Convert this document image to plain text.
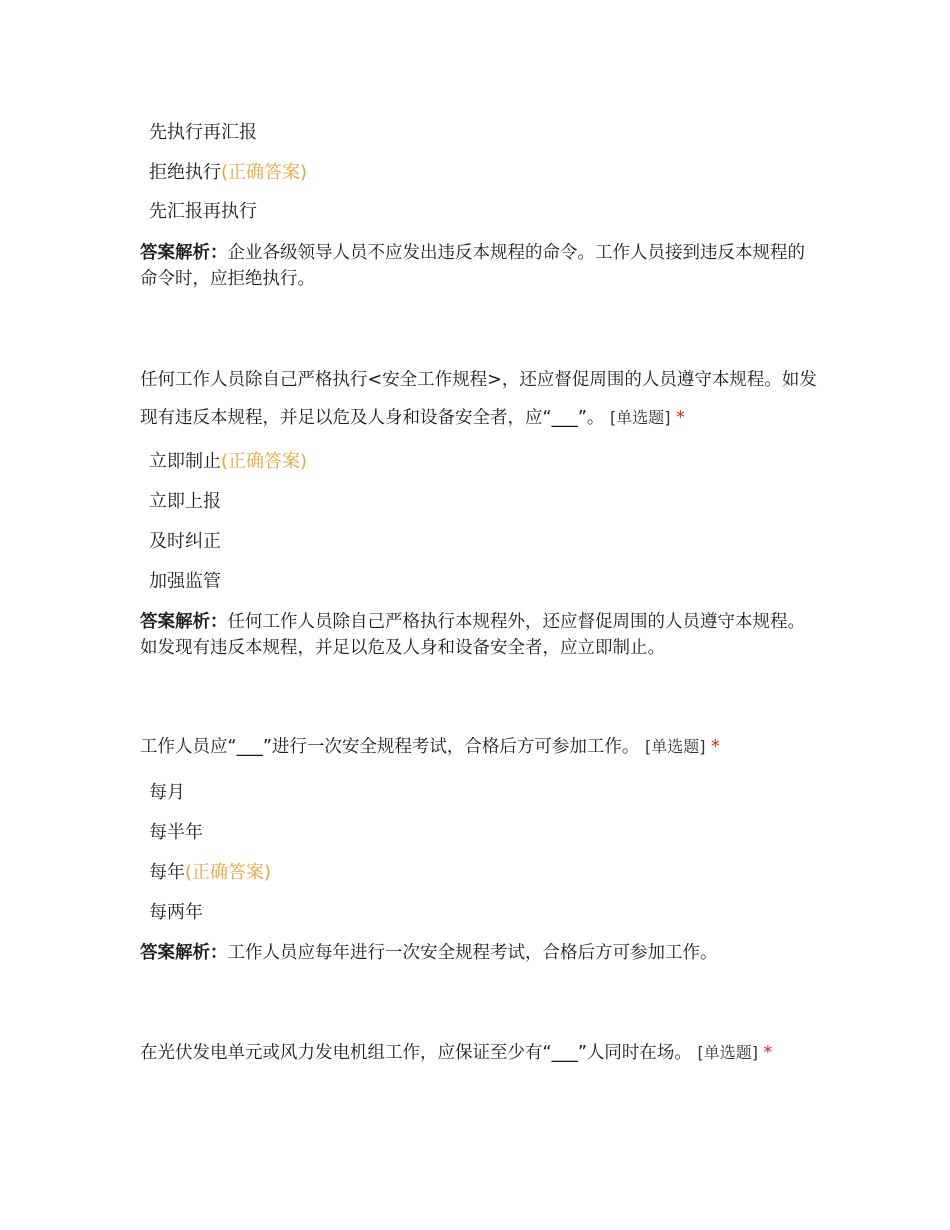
先执行再汇报
拒绝执行(正确答案)
先汇报再执行
答案解析：企业各级领导人员不应发出违反本规程的命令。工作人员接到违反本规程的命令时，应拒绝执行。
任何工作人员除自己严格执行<安全工作规程>，还应督促周围的人员遵守本规程。如发现有违反本规程，并足以危及人身和设备安全者，应“___”。 [单选题] *
立即制止(正确答案)
立即上报
及时纠正
加强监管
答案解析：任何工作人员除自己严格执行本规程外，还应督促周围的人员遵守本规程。如发现有违反本规程，并足以危及人身和设备安全者，应立即制止。
工作人员应“___”进行一次安全规程考试，合格后方可参加工作。 [单选题] *
每月
每半年
每年(正确答案)
每两年
答案解析：工作人员应每年进行一次安全规程考试，合格后方可参加工作。
在光伏发电单元或风力发电机组工作，应保证至少有“___”人同时在场。 [单选题] *
